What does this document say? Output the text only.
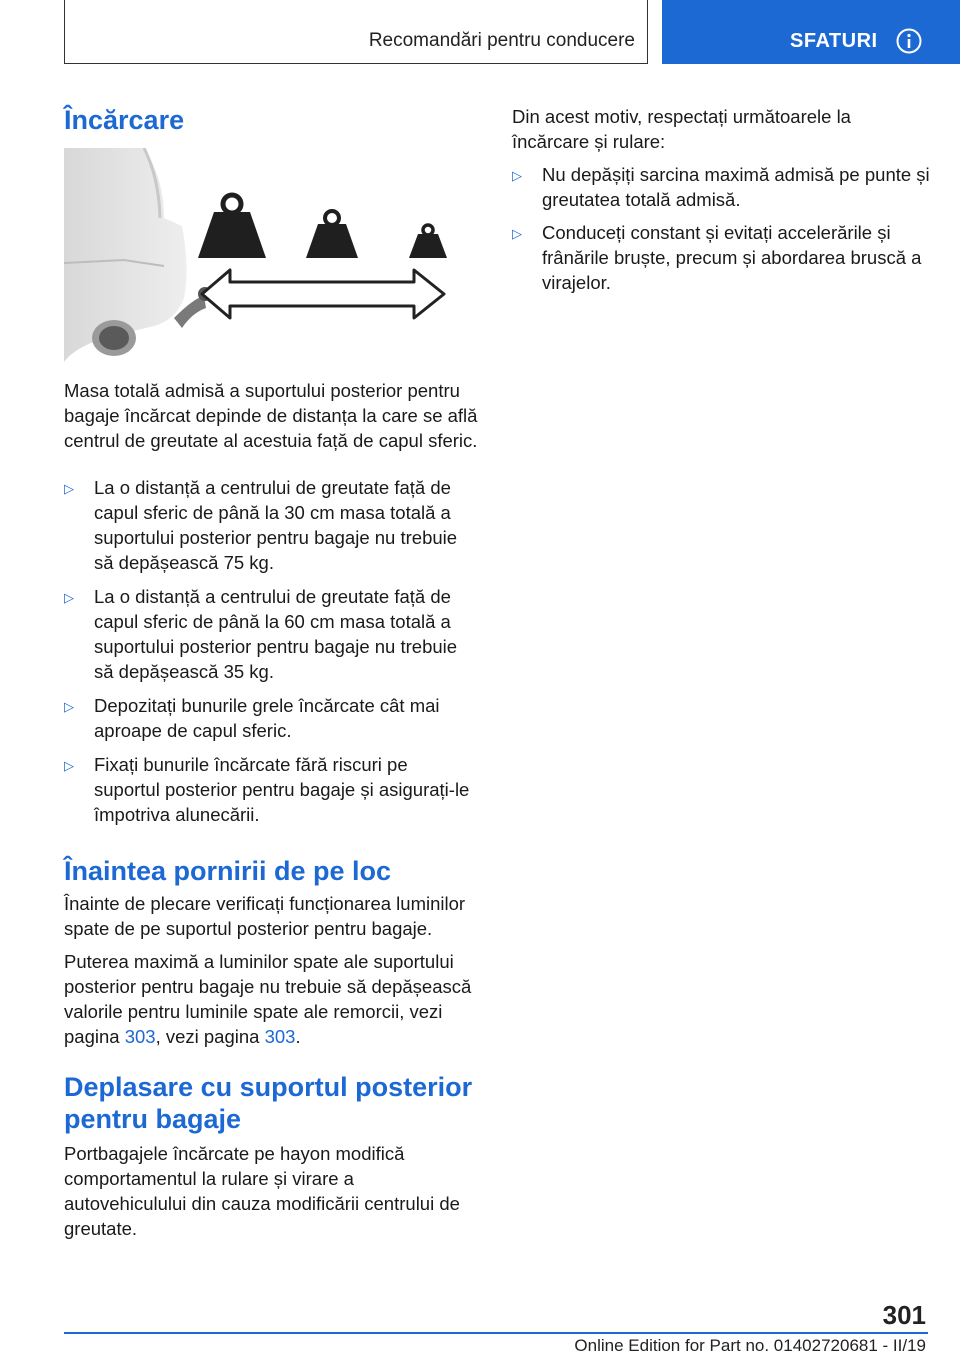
Recomandări pentru conducere	SFATURI
Încărcare

Masa totală admisă a suportului posterior pentru bagaje încărcat depinde de distanța la care se află centrul de greutate al acestuia față de capul sferic.

▷ La o distanță a centrului de greutate față de capul sferic de până la 30 cm masa totală a suportului posterior pentru bagaje nu trebuie să depășească 75 kg.
▷ La o distanță a centrului de greutate față de capul sferic de până la 60 cm masa totală a suportului posterior pentru bagaje nu trebuie să depășească 35 kg.
▷ Depozitați bunurile grele încărcate cât mai aproape de capul sferic.
▷ Fixați bunurile încărcate fără riscuri pe suportul posterior pentru bagaje și asigurați-le împotriva alunecării.
Înaintea pornirii de pe loc

Înainte de plecare verificați funcționarea luminilor spate de pe suportul posterior pentru bagaje.

Puterea maximă a luminilor spate ale suportului posterior pentru bagaje nu trebuie să depășească valorile pentru luminile spate ale remorcii, vezi pagina 303, vezi pagina 303.

Deplasare cu suportul posterior pentru bagaje

Portbagajele încărcate pe hayon modifică comportamentul la rulare și virare a autovehiculului din cauza modificării centrului de greutate.

Din acest motiv, respectați următoarele la încărcare și rulare:

▷ Nu depășiți sarcina maximă admisă pe punte și greutatea totală admisă.
▷ Conduceți constant și evitați accelerările și frânările bruște, precum și abordarea bruscă a virajelor.
301
Online Edition for Part no. 01402720681 - II/19
